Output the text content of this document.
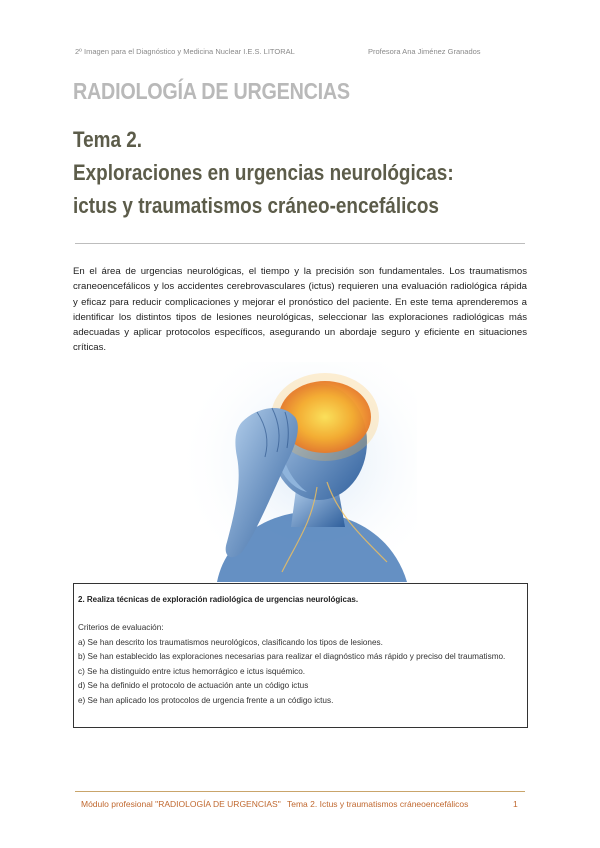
2º Imagen para el Diagnóstico y Medicina Nuclear I.E.S. LITORAL	Profesora Ana Jiménez Granados
RADIOLOGÍA DE URGENCIAS
Tema 2.
Exploraciones en urgencias neurológicas:
ictus y traumatismos cráneo-encefálicos
En el área de urgencias neurológicas, el tiempo y la precisión son fundamentales. Los traumatismos craneoencefálicos y los accidentes cerebrovasculares (ictus) requieren una evaluación radiológica rápida y eficaz para reducir complicaciones y mejorar el pronóstico del paciente. En este tema aprenderemos a identificar los distintos tipos de lesiones neurológicas, seleccionar las exploraciones radiológicas más adecuadas y aplicar protocolos específicos, asegurando un abordaje seguro y eficiente en situaciones críticas.
2. Realiza técnicas de exploración radiológica de urgencias neurológicas.
Criterios de evaluación:
a) Se han descrito los traumatismos neurológicos, clasificando los tipos de lesiones.
b) Se han establecido las exploraciones necesarias para realizar el diagnóstico más rápido y preciso del traumatismo.
c) Se ha distinguido entre ictus hemorrágico e ictus isquémico.
d) Se ha definido el protocolo de actuación ante un código ictus
e) Se han aplicado los protocolos de urgencia frente a un código ictus.
Módulo profesional "RADIOLOGÍA DE URGENCIAS" Tema 2. Ictus y traumatismos cráneoencefálicos	1
